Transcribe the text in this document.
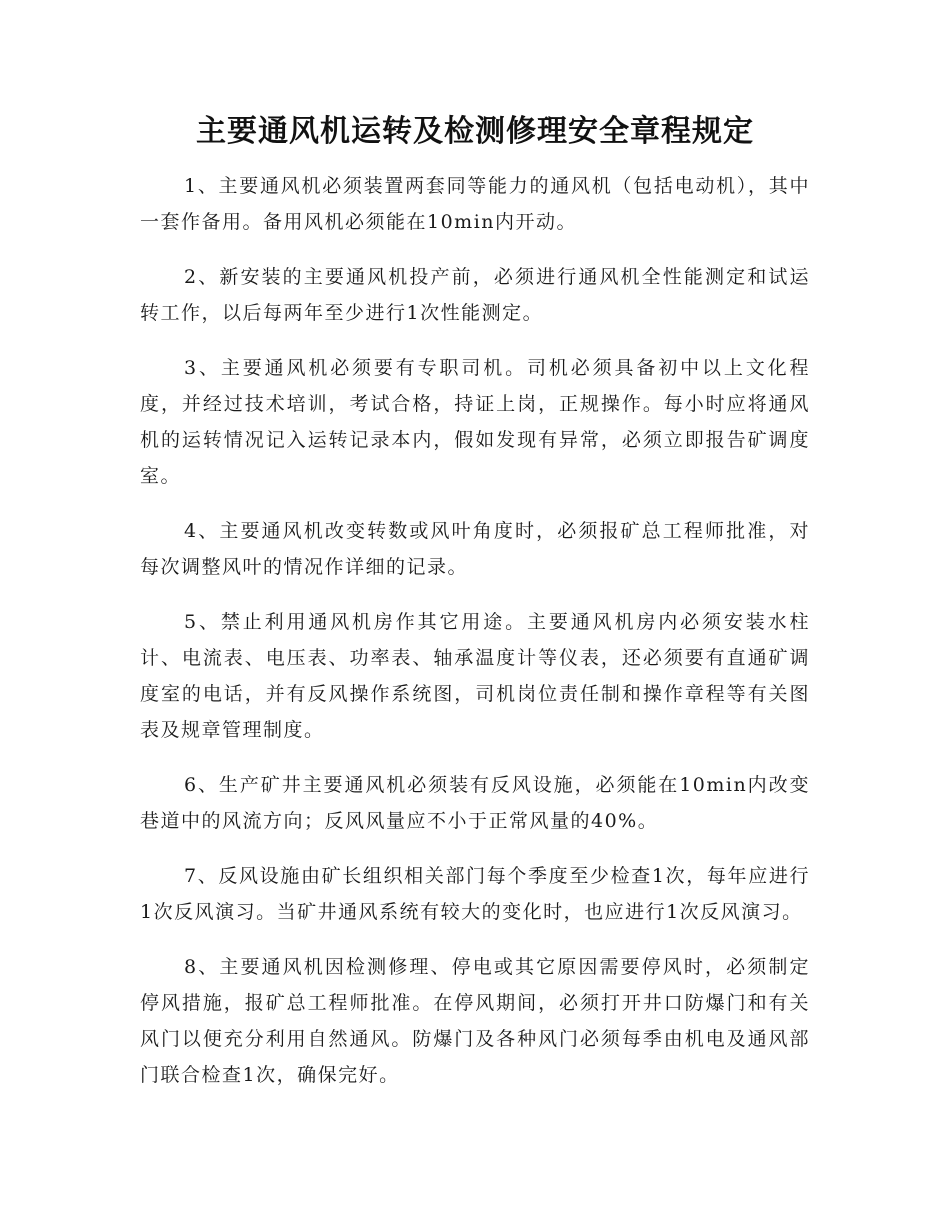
主要通风机运转及检测修理安全章程规定

1、主要通风机必须装置两套同等能力的通风机（包括电动机），其中一套作备用。备用风机必须能在10min内开动。

2、新安装的主要通风机投产前，必须进行通风机全性能测定和试运转工作，以后每两年至少进行1次性能测定。

3、主要通风机必须要有专职司机。司机必须具备初中以上文化程度，并经过技术培训，考试合格，持证上岗，正规操作。每小时应将通风机的运转情况记入运转记录本内，假如发现有异常，必须立即报告矿调度室。

4、主要通风机改变转数或风叶角度时，必须报矿总工程师批准，对每次调整风叶的情况作详细的记录。

5、禁止利用通风机房作其它用途。主要通风机房内必须安装水柱计、电流表、电压表、功率表、轴承温度计等仪表，还必须要有直通矿调度室的电话，并有反风操作系统图，司机岗位责任制和操作章程等有关图表及规章管理制度。

6、生产矿井主要通风机必须装有反风设施，必须能在10min内改变巷道中的风流方向；反风风量应不小于正常风量的40%。

7、反风设施由矿长组织相关部门每个季度至少检查1次，每年应进行1次反风演习。当矿井通风系统有较大的变化时，也应进行1次反风演习。

8、主要通风机因检测修理、停电或其它原因需要停风时，必须制定停风措施，报矿总工程师批准。在停风期间，必须打开井口防爆门和有关风门以便充分利用自然通风。防爆门及各种风门必须每季由机电及通风部门联合检查1次，确保完好。
